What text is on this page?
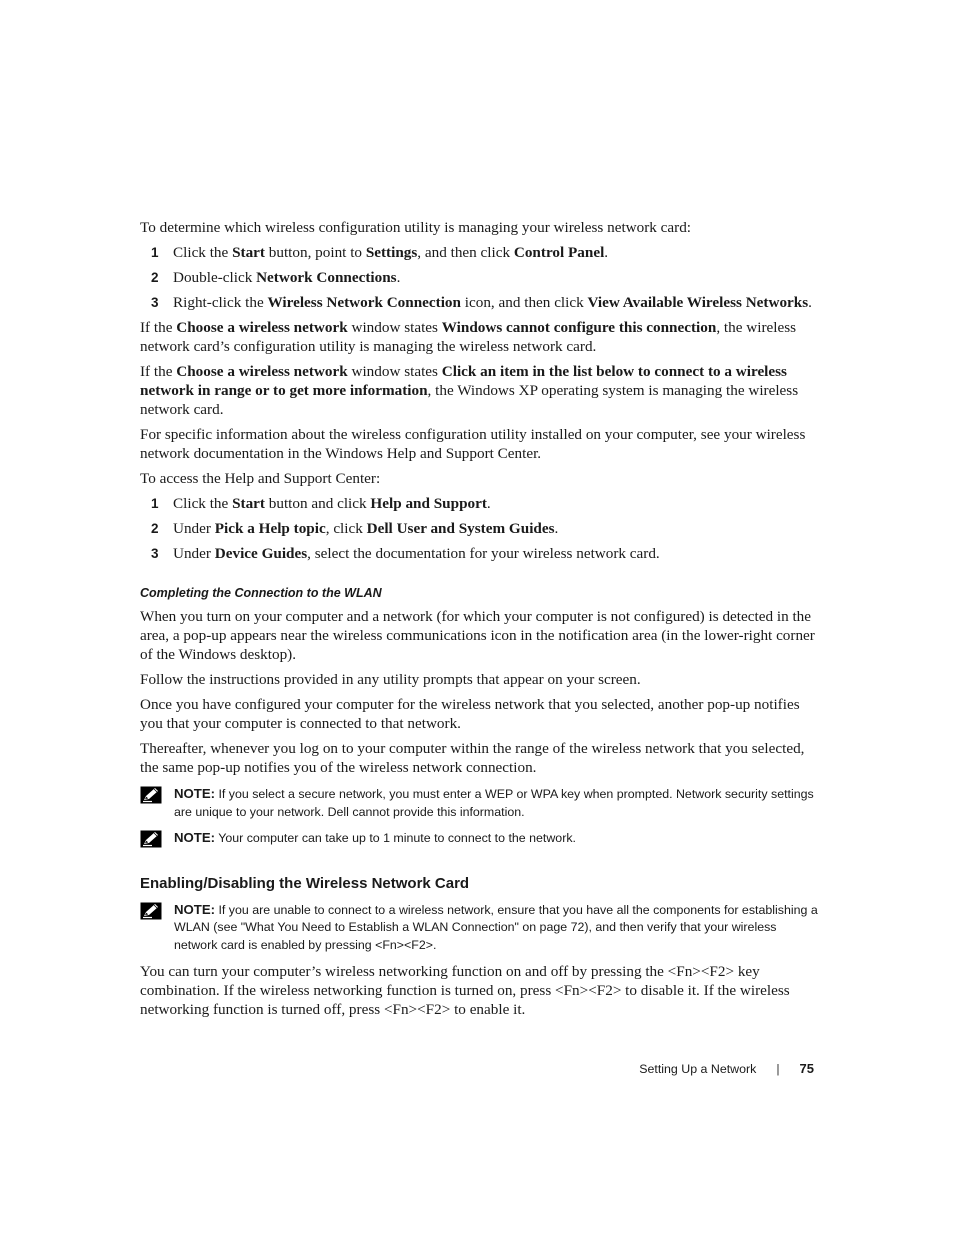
To determine which wireless configuration utility is managing your wireless network card:

1 Click the Start button, point to Settings, and then click Control Panel.
2 Double-click Network Connections.
3 Right-click the Wireless Network Connection icon, and then click View Available Wireless Networks.

If the Choose a wireless network window states Windows cannot configure this connection, the wireless network card’s configuration utility is managing the wireless network card.

If the Choose a wireless network window states Click an item in the list below to connect to a wireless network in range or to get more information, the Windows XP operating system is managing the wireless network card.

For specific information about the wireless configuration utility installed on your computer, see your wireless network documentation in the Windows Help and Support Center.

To access the Help and Support Center:

1 Click the Start button and click Help and Support.
2 Under Pick a Help topic, click Dell User and System Guides.
3 Under Device Guides, select the documentation for your wireless network card.
Completing the Connection to the WLAN

When you turn on your computer and a network (for which your computer is not configured) is detected in the area, a pop-up appears near the wireless communications icon in the notification area (in the lower-right corner of the Windows desktop).

Follow the instructions provided in any utility prompts that appear on your screen.

Once you have configured your computer for the wireless network that you selected, another pop-up notifies you that your computer is connected to that network.

Thereafter, whenever you log on to your computer within the range of the wireless network that you selected, the same pop-up notifies you of the wireless network connection.

NOTE: If you select a secure network, you must enter a WEP or WPA key when prompted. Network security settings are unique to your network. Dell cannot provide this information.
NOTE: Your computer can take up to 1 minute to connect to the network.
Enabling/Disabling the Wireless Network Card
NOTE: If you are unable to connect to a wireless network, ensure that you have all the components for establishing a WLAN (see "What You Need to Establish a WLAN Connection" on page 72), and then verify that your wireless network card is enabled by pressing <Fn><F2>.

You can turn your computer’s wireless networking function on and off by pressing the <Fn><F2> key combination. If the wireless networking function is turned on, press <Fn><F2> to disable it. If the wireless networking function is turned off, press <Fn><F2> to enable it.

Setting Up a Network | 75
